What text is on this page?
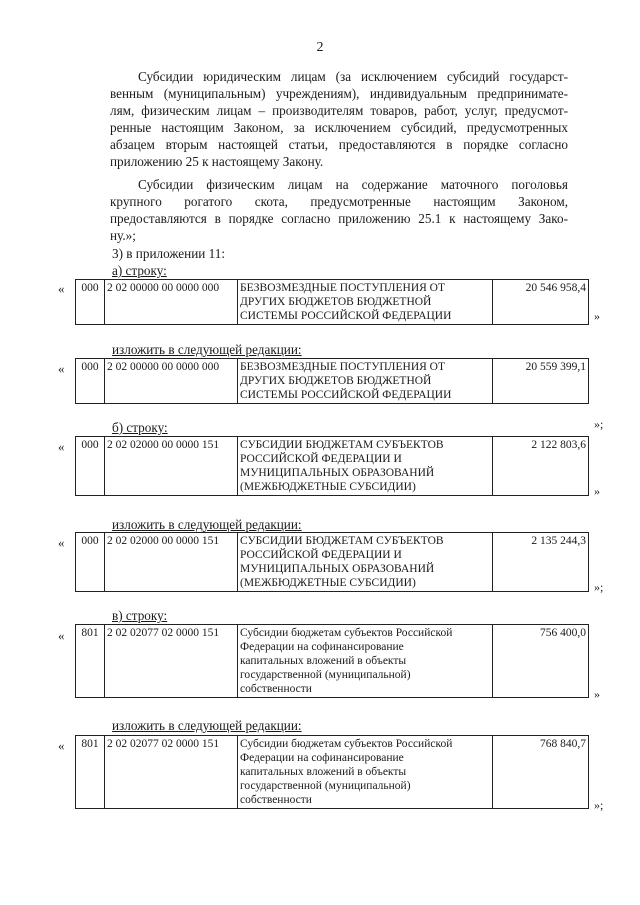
2
Субсидии юридическим лицам (за исключением субсидий государст-
венным (муниципальным) учреждениям), индивидуальным предпринимате-
лям, физическим лицам – производителям товаров, работ, услуг, предусмот-
ренные настоящим Законом, за исключением субсидий, предусмотренных
абзацем вторым настоящей статьи, предоставляются в порядке согласно
приложению 25 к настоящему Закону.
Субсидии физическим лицам на содержание маточного поголовья
крупного рогатого скота, предусмотренные настоящим Законом,
предоставляются в порядке согласно приложению 25.1 к настоящему Зако-
ну.»;
3) в приложении 11:
а) строку:
« 000	2 02 00000 00 0000 000	БЕЗВОЗМЕЗДНЫЕ ПОСТУПЛЕНИЯ ОТ
ДРУГИХ БЮДЖЕТОВ БЮДЖЕТНОЙ
СИСТЕМЫ РОССИЙСКОЙ ФЕДЕРАЦИИ
	20 546 958,4
»
изложить в следующей редакции:
« 000	2 02 00000 00 0000 000	БЕЗВОЗМЕЗДНЫЕ ПОСТУПЛЕНИЯ ОТ
ДРУГИХ БЮДЖЕТОВ БЮДЖЕТНОЙ
СИСТЕМЫ РОССИЙСКОЙ ФЕДЕРАЦИИ
	20 559 399,1
»;
б) строку:
« 000	2 02 02000 00 0000 151	СУБСИДИИ БЮДЖЕТАМ СУБЪЕКТОВ
РОССИЙСКОЙ ФЕДЕРАЦИИ И
МУНИЦИПАЛЬНЫХ ОБРАЗОВАНИЙ
(МЕЖБЮДЖЕТНЫЕ СУБСИДИИ)
	2 122 803,6
»
изложить в следующей редакции:
« 000	2 02 02000 00 0000 151	СУБСИДИИ БЮДЖЕТАМ СУБЪЕКТОВ
РОССИЙСКОЙ ФЕДЕРАЦИИ И
МУНИЦИПАЛЬНЫХ ОБРАЗОВАНИЙ
(МЕЖБЮДЖЕТНЫЕ СУБСИДИИ)
	2 135 244,3
»;
в) строку:
« 801	2 02 02077 02 0000 151	Субсидии бюджетам субъектов Российской
Федерации на софинансирование
капитальных вложений в объекты
государственной (муниципальной)
собственности
	756 400,0
»
изложить в следующей редакции:
« 801	2 02 02077 02 0000 151	Субсидии бюджетам субъектов Российской
Федерации на софинансирование
капитальных вложений в объекты
государственной (муниципальной)
собственности
	768 840,7
»;
